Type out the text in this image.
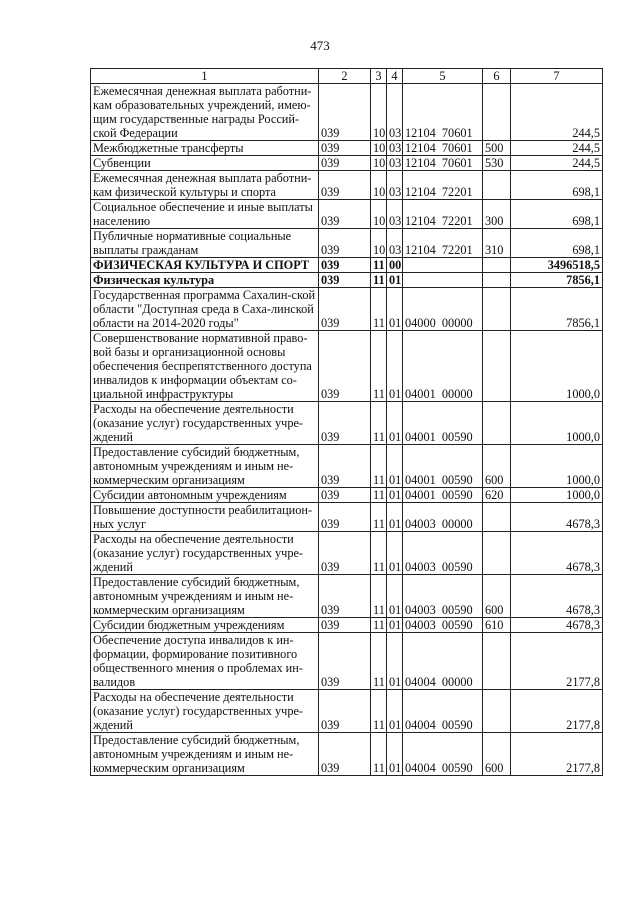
473
1	2	3	4	5	6	7
Ежемесячная денежная выплата работни-кам образовательных учреждений, имею-щим государственные награды Россий-ской Федерации	039	10	03	12104  70601		244,5
Межбюджетные трансферты	039	10	03	12104  70601	500	244,5
Субвенции	039	10	03	12104  70601	530	244,5
Ежемесячная денежная выплата работни-кам физической культуры и спорта	039	10	03	12104  72201		698,1
Социальное обеспечение и иные выплаты населению	039	10	03	12104  72201	300	698,1
Публичные нормативные социальные выплаты гражданам	039	10	03	12104  72201	310	698,1
ФИЗИЧЕСКАЯ КУЛЬТУРА И СПОРТ	039	11	00			3496518,5
Физическая культура	039	11	01			7856,1
Государственная программа Сахалин-ской области "Доступная среда в Саха-линской области на 2014-2020 годы"	039	11	01	04000  00000		7856,1
Совершенствование нормативной право-вой базы и организационной основы обеспечения беспрепятственного доступа инвалидов к информации объектам со-циальной инфраструктуры	039	11	01	04001  00000		1000,0
Расходы на обеспечение деятельности (оказание услуг) государственных учре-ждений	039	11	01	04001  00590		1000,0
Предоставление субсидий бюджетным, автономным учреждениям и иным не-коммерческим организациям	039	11	01	04001  00590	600	1000,0
Субсидии автономным учреждениям	039	11	01	04001  00590	620	1000,0
Повышение доступности реабилитацион-ных услуг	039	11	01	04003  00000		4678,3
Расходы на обеспечение деятельности (оказание услуг) государственных учре-ждений	039	11	01	04003  00590		4678,3
Предоставление субсидий бюджетным, автономным учреждениям и иным не-коммерческим организациям	039	11	01	04003  00590	600	4678,3
Субсидии бюджетным учреждениям	039	11	01	04003  00590	610	4678,3
Обеспечение доступа инвалидов к ин-формации, формирование позитивного общественного мнения о проблемах ин-валидов	039	11	01	04004  00000		2177,8
Расходы на обеспечение деятельности (оказание услуг) государственных учре-ждений	039	11	01	04004  00590		2177,8
Предоставление субсидий бюджетным, автономным учреждениям и иным не-коммерческим организациям	039	11	01	04004  00590	600	2177,8
